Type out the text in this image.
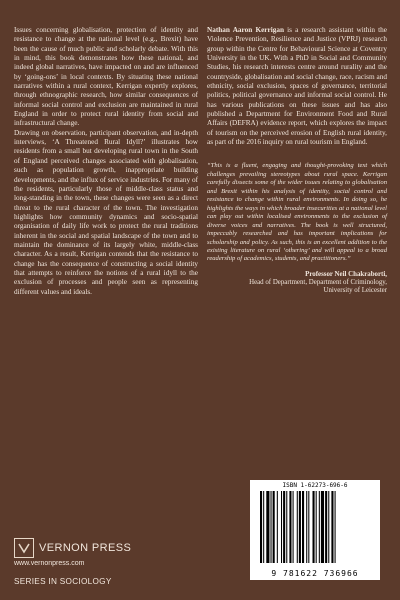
Issues concerning globalisation, protection of identity and resistance to change at the national level (e.g., Brexit) have been the cause of much public and scholarly debate. With this in mind, this book demonstrates how these national, and indeed global narratives, have impacted on and are influenced by ‘going-ons’ in local contexts. By situating these national narratives within a rural context, Kerrigan expertly explores, through ethnographic research, how similar consequences of informal social control and exclusion are maintained in rural England in order to protect rural identity from social and infrastructural change.

Drawing on observation, participant observation, and in-depth interviews, ‘A Threatened Rural Idyll?’ illustrates how residents from a small but developing rural town in the South of England perceived changes associated with globalisation, such as population growth, inappropriate building developments, and the influx of service industries. For many of the residents, particularly those of middle-class status and long-standing in the town, these changes were seen as a direct threat to the rural character of the town. The investigation highlights how community dynamics and socio-spatial organisation of daily life work to protect the rural traditions inherent in the social and spatial landscape of the town and to maintain the dominance of its largely white, middle-class character. As a result, Kerrigan contends that the resistance to change has the consequence of constructing a social identity that attempts to reinforce the notions of a rural idyll to the exclusion of processes and people seen as representing different values and ideals.

Nathan Aaron Kerrigan is a research assistant within the Violence Prevention, Resilience and Justice (VPRJ) research group within the Centre for Behavioural Science at Coventry University in the UK. With a PhD in Social and Community Studies, his research interests centre around rurality and the countryside, globalisation and social change, race, racism and ethnicity, social exclusion, spaces of governance, territorial politics, political governance and informal social control. He has various publications on these issues and has also published a Department for Environment Food and Rural Affairs (DEFRA) evidence report, which explores the impact of tourism on the perceived erosion of English rural identity, as part of the 2016 inquiry on rural tourism in England.

“This is a fluent, engaging and thought-provoking text which challenges prevailing stereotypes about rural space. Kerrigan carefully dissects some of the wider issues relating to globalisation and Brexit within his analysis of identity, social control and resistance to change within rural environments. In doing so, he highlights the ways in which broader insecurities at a national level can play out within localised environments to the exclusion of diverse voices and narratives. The book is well structured, impeccably researched and has important implications for scholarship and policy. As such, this is an excellent addition to the existing literature on rural ‘othering’ and will appeal to a broad readership of academics, students, and practitioners.”

Professor Neil Chakraborti,
Head of Department, Department of Criminology,
University of Leicester
VERNON PRESS
www.vernonpress.com
SERIES IN SOCIOLOGY
ISBN 1-62273-696-6
9 781622 736966
